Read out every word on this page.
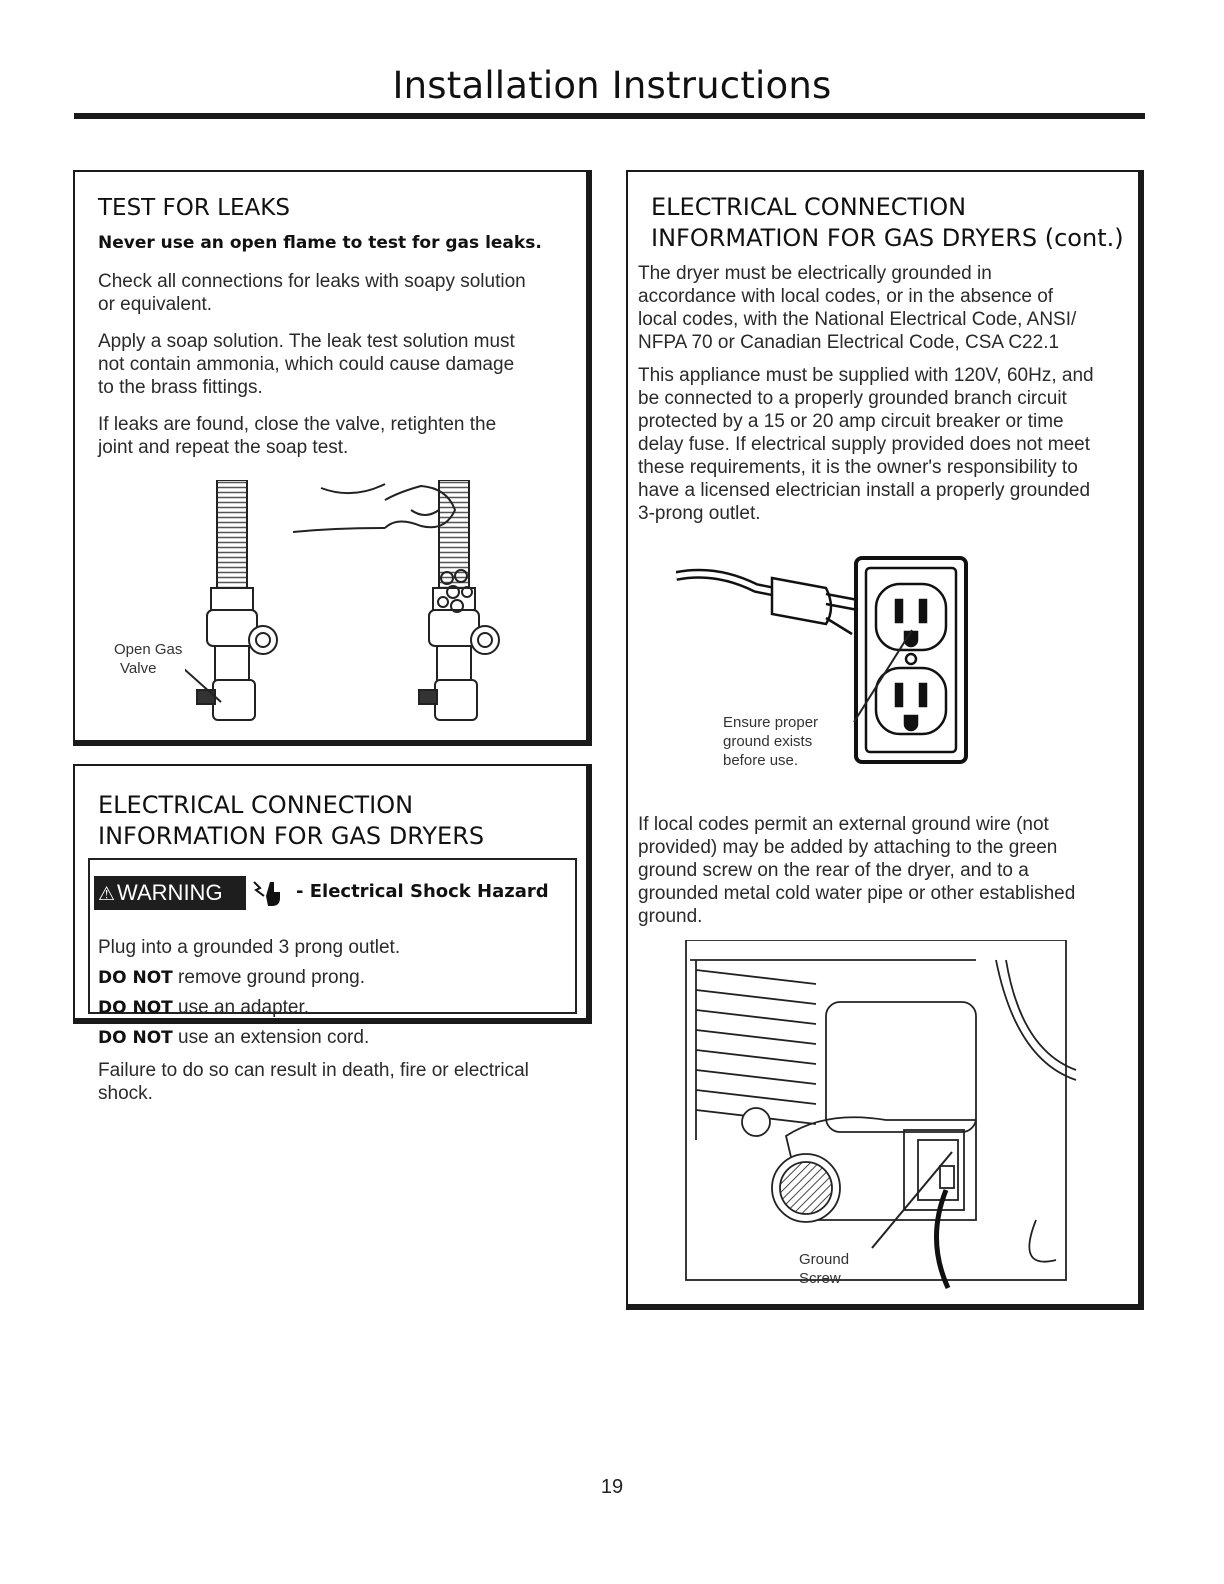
Installation Instructions
TEST FOR LEAKS
Never use an open flame to test for gas leaks.

Check all connections for leaks with soapy solution

or equivalent.

Apply a soap solution. The leak test solution must

not contain ammonia, which could cause damage

to the brass fittings.

If leaks are found, close the valve, retighten the

joint and repeat the soap test.

Open Gas
Valve
ELECTRICAL CONNECTION
INFORMATION FOR GAS DRYERS
⚠WARNING	- Electrical Shock Hazard

Plug into a grounded 3 prong outlet.

DO NOT remove ground prong.

DO NOT use an adapter.

DO NOT use an extension cord.

Failure to do so can result in death, fire or electrical

shock.

ELECTRICAL CONNECTION
INFORMATION FOR GAS DRYERS (cont.)

The dryer must be electrically grounded in

accordance with local codes, or in the absence of

local codes, with the National Electrical Code, ANSI/

NFPA 70 or Canadian Electrical Code, CSA C22.1

This appliance must be supplied with 120V, 60Hz, and

be connected to a properly grounded branch circuit

protected by a 15 or 20 amp circuit breaker or time

delay fuse. If electrical supply provided does not meet

these requirements, it is the owner's responsibility to

have a licensed electrician install a properly grounded

3-prong outlet.

Ensure proper
ground exists
before use.

If local codes permit an external ground wire (not

provided) may be added by attaching to the green

ground screw on the rear of the dryer, and to a

grounded metal cold water pipe or other established

ground.

Ground
Screw
19
